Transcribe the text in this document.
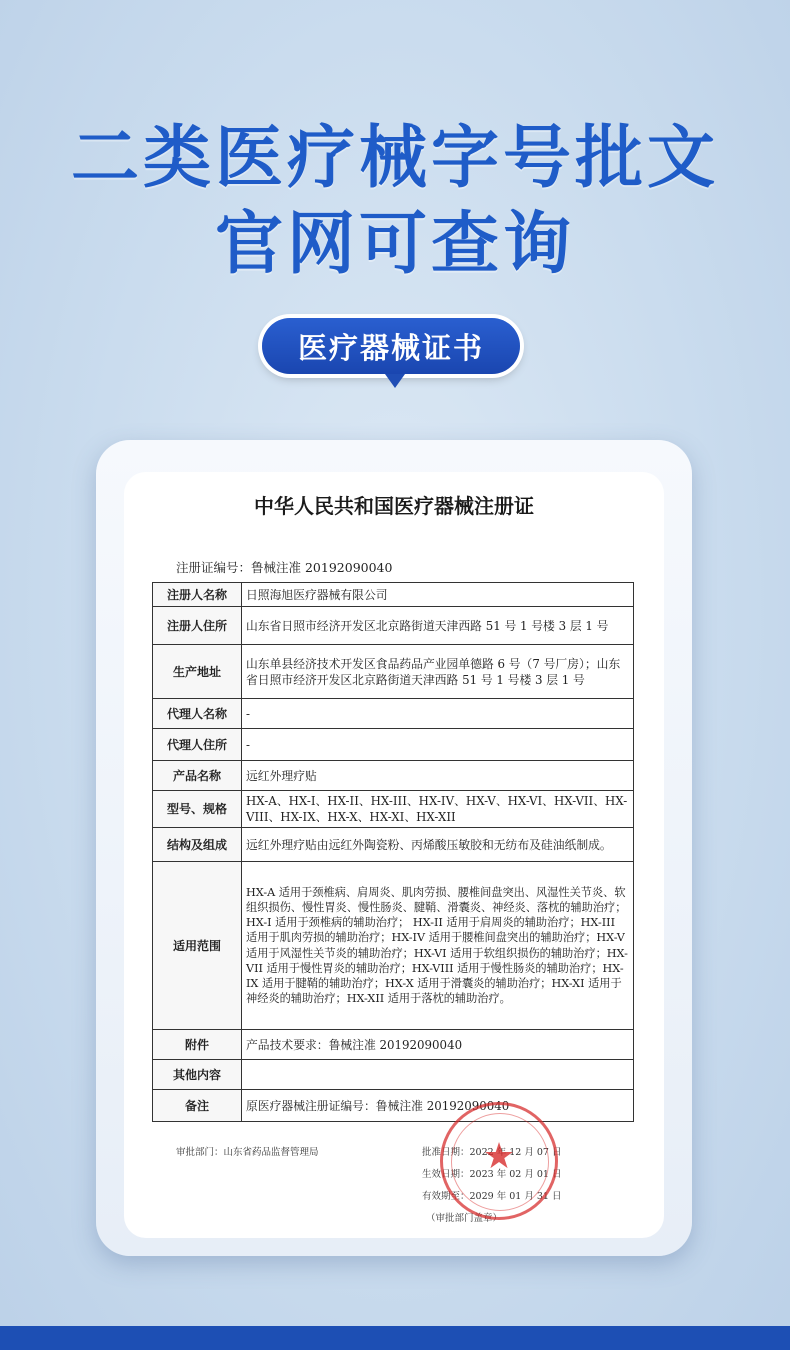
二类医疗械字号批文
官网可查询
医疗器械证书
中华人民共和国医疗器械注册证
注册证编号：鲁械注准 20192090040
注册人名称	日照海旭医疗器械有限公司
注册人住所	山东省日照市经济开发区北京路街道天津西路 51 号 1 号楼 3 层 1 号
生产地址	山东单县经济技术开发区食品药品产业园单德路 6 号（7 号厂房）；山东省日照市经济开发区北京路街道天津西路 51 号 1 号楼 3 层 1 号
代理人名称	-
代理人住所	-
产品名称	远红外理疗贴
型号、规格	HX-A、HX-I、HX-II、HX-III、HX-IV、HX-V、HX-VI、HX-VII、HX-VIII、HX-IX、HX-X、HX-XI、HX-XII
结构及组成	远红外理疗贴由远红外陶瓷粉、丙烯酸压敏胶和无纺布及硅油纸制成。
适用范围	HX-A 适用于颈椎病、肩周炎、肌肉劳损、腰椎间盘突出、风湿性关节炎、软组织损伤、慢性胃炎、慢性肠炎、腱鞘、滑囊炎、神经炎、落枕的辅助治疗；HX-I 适用于颈椎病的辅助治疗； HX-II 适用于肩周炎的辅助治疗；HX-III 适用于肌肉劳损的辅助治疗；HX-IV 适用于腰椎间盘突出的辅助治疗；HX-V 适用于风湿性关节炎的辅助治疗；HX-VI 适用于软组织损伤的辅助治疗；HX-VII 适用于慢性胃炎的辅助治疗；HX-VIII 适用于慢性肠炎的辅助治疗；HX-IX 适用于腱鞘的辅助治疗；HX-X 适用于滑囊炎的辅助治疗；HX-XI 适用于神经炎的辅助治疗；HX-XII 适用于落枕的辅助治疗。
附件	产品技术要求：鲁械注准 20192090040
其他内容	
备注	原医疗器械注册证编号：鲁械注准 20192090040
审批部门：山东省药品监督管理局	批准日期：2022 年 12 月 07 日
生效日期：2023 年 02 月 01 日
有效期至：2029 年 01 月 31 日
（审批部门盖章）
★
